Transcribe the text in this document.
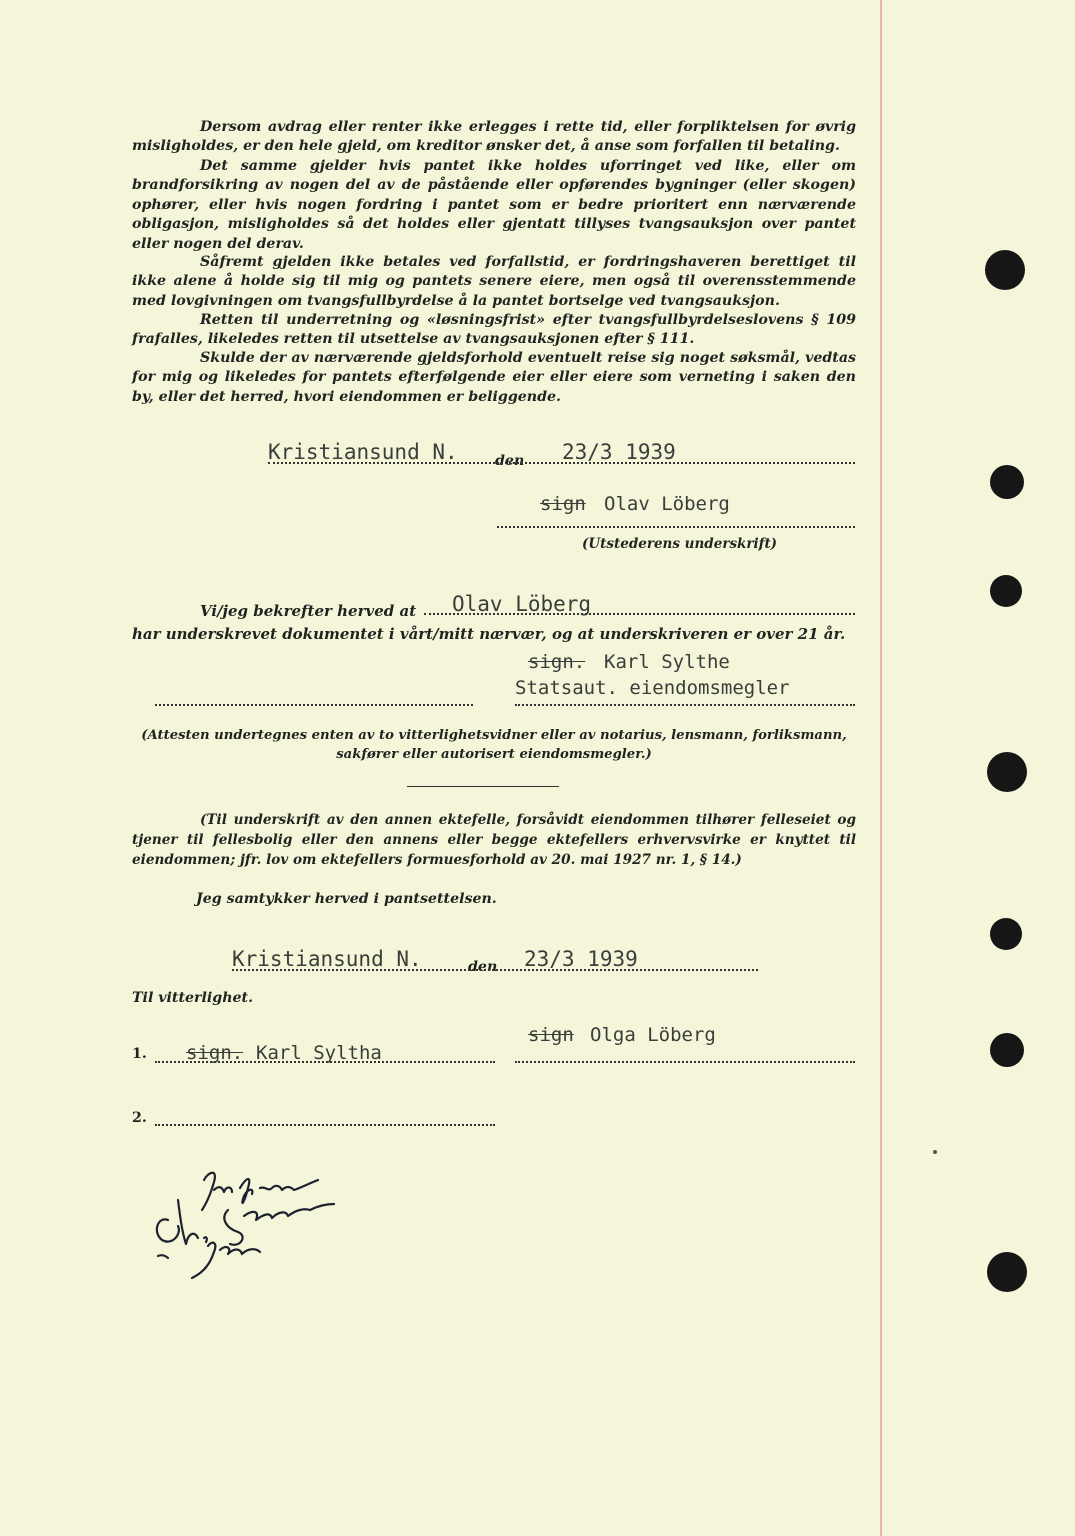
Dersom avdrag eller renter ikke erlegges i rette tid, eller forpliktelsen for øvrig misligholdes, er den hele gjeld, om kreditor ønsker det, å anse som forfallen til betaling.

Det samme gjelder hvis pantet ikke holdes uforringet ved like, eller om brandforsikring av nogen del av de påstående eller opførendes bygninger (eller skogen) ophører, eller hvis nogen fordring i pantet som er bedre prioritert enn nærværende obligasjon, misligholdes så det holdes eller gjentatt tillyses tvangsauksjon over pantet eller nogen del derav.

Såfremt gjelden ikke betales ved forfallstid, er fordringshaveren berettiget til ikke alene å holde sig til mig og pantets senere eiere, men også til overensstemmende med lovgivningen om tvangsfullbyrdelse å la pantet bortselge ved tvangsauksjon.

Retten til underretning og «løsningsfrist» efter tvangsfullbyrdelseslovens § 109 frafalles, likeledes retten til utsettelse av tvangsauksjonen efter § 111.

Skulde der av nærværende gjeldsforhold eventuelt reise sig noget søksmål, vedtas for mig og likeledes for pantets efterfølgende eier eller eiere som verneting i saken den by, eller det herred, hvori eiendommen er beliggende.

Kristiansund N.	den 23/3 1939
sign Olav Löberg
(Utstederens underskrift)
Vi/jeg bekrefter herved at Olav Löberg
har underskrevet dokumentet i vårt/mitt nærvær, og at underskriveren er over 21 år.
sign. Karl Sylthe
Statsaut. eiendomsmegler

(Attesten undertegnes enten av to vitterlighetsvidner eller av notarius, lensmann, forliksmann, sakfører eller autorisert eiendomsmegler.)

(Til underskrift av den annen ektefelle, forsåvidt eiendommen tilhører felleseiet og tjener til fellesbolig eller den annens eller begge ektefellers erhvervsvirke er knyttet til eiendommen; jfr. lov om ektefellers formuesforhold av 20. mai 1927 nr. 1, § 14.)

Jeg samtykker herved i pantsettelsen.
Kristiansund N.	den 23/3 1939
Til vitterlighet.
sign Olga Löberg
1. sign. Karl Syltha
2.
